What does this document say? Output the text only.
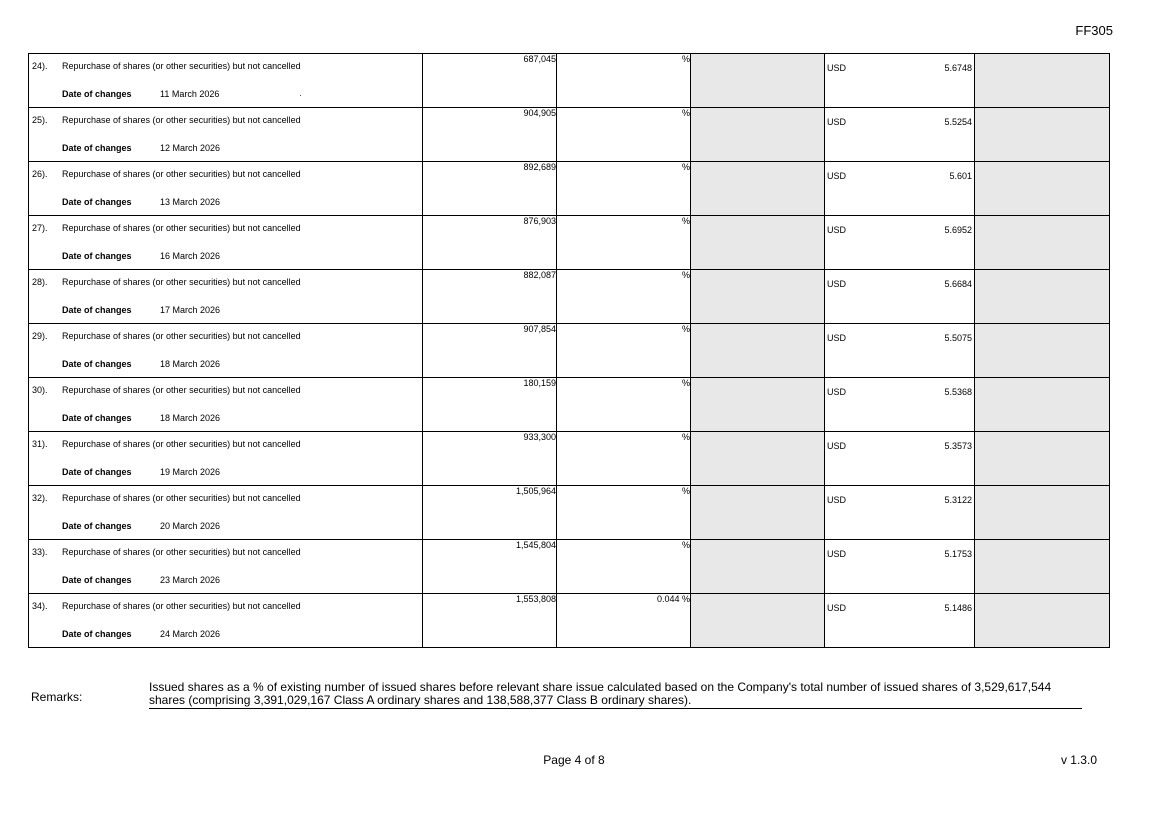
FF305
24). Repurchase of shares (or other securities) but not cancelled
Date of changes 11 March 2026	687,045	%		USD 5.6748	

25). Repurchase of shares (or other securities) but not cancelled
Date of changes 12 March 2026	904,905	%		USD 5.5254	

26). Repurchase of shares (or other securities) but not cancelled
Date of changes 13 March 2026	892,689	%		USD 5.601	

27). Repurchase of shares (or other securities) but not cancelled
Date of changes 16 March 2026	876,903	%		USD 5.6952	

28). Repurchase of shares (or other securities) but not cancelled
Date of changes 17 March 2026	882,087	%		USD 5.6684	

29). Repurchase of shares (or other securities) but not cancelled
Date of changes 18 March 2026	907,854	%		USD 5.5075	

30). Repurchase of shares (or other securities) but not cancelled
Date of changes 18 March 2026	180,159	%		USD 5.5368	

31). Repurchase of shares (or other securities) but not cancelled
Date of changes 19 March 2026	933,300	%		USD 5.3573	

32). Repurchase of shares (or other securities) but not cancelled
Date of changes 20 March 2026	1,505,964	%		USD 5.3122	

33). Repurchase of shares (or other securities) but not cancelled
Date of changes 23 March 2026	1,545,804	%		USD 5.1753	

34). Repurchase of shares (or other securities) but not cancelled
Date of changes 24 March 2026	1,553,808	0.044 %		USD 5.1486	

Remarks:
Issued shares as a % of existing number of issued shares before relevant share issue calculated based on the Company's total number of issued shares of 3,529,617,544 shares (comprising 3,391,029,167 Class A ordinary shares and 138,588,377 Class B ordinary shares).
Page 4 of 8	v 1.3.0
